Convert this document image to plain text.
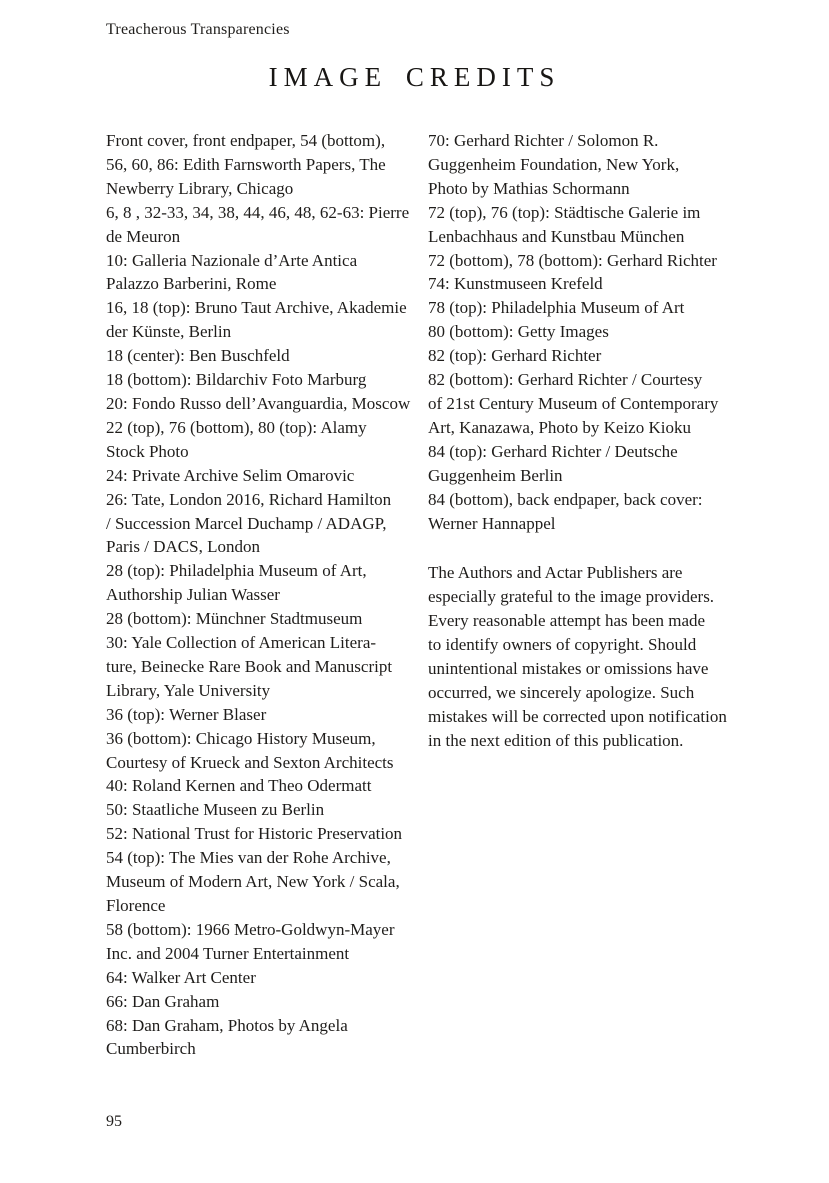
Treacherous Transparencies
IMAGE CREDITS
Front cover, front endpaper, 54 (bottom),
56, 60, 86: Edith Farnsworth Papers, The
Newberry Library, Chicago
6, 8 , 32-33, 34, 38, 44, 46, 48, 62-63: Pierre
de Meuron
10: Galleria Nazionale d’Arte Antica
Palazzo Barberini, Rome
16, 18 (top): Bruno Taut Archive, Akademie
der Künste, Berlin
18 (center): Ben Buschfeld
18 (bottom): Bildarchiv Foto Marburg
20: Fondo Russo dell’Avanguardia, Moscow
22 (top), 76 (bottom), 80 (top): Alamy
Stock Photo
24: Private Archive Selim Omarovic
26: Tate, London 2016, Richard Hamilton
/ Succession Marcel Duchamp / ADAGP,
Paris / DACS, London
28 (top): Philadelphia Museum of Art,
Authorship Julian Wasser
28 (bottom): Münchner Stadtmuseum
30: Yale Collection of American Litera-
ture, Beinecke Rare Book and Manuscript
Library, Yale University
36 (top): Werner Blaser
36 (bottom): Chicago History Museum,
Courtesy of Krueck and Sexton Architects
40: Roland Kernen and Theo Odermatt
50: Staatliche Museen zu Berlin
52: National Trust for Historic Preservation
54 (top): The Mies van der Rohe Archive,
Museum of Modern Art, New York / Scala,
Florence
58 (bottom): 1966 Metro-Goldwyn-Mayer
Inc. and 2004 Turner Entertainment
64: Walker Art Center
66: Dan Graham
68: Dan Graham, Photos by Angela
Cumberbirch
70: Gerhard Richter / Solomon R.
Guggenheim Foundation, New York,
Photo by Mathias Schormann
72 (top), 76 (top): Städtische Galerie im
Lenbachhaus and Kunstbau München
72 (bottom), 78 (bottom): Gerhard Richter
74: Kunstmuseen Krefeld
78 (top): Philadelphia Museum of Art
80 (bottom): Getty Images
82 (top): Gerhard Richter
82 (bottom): Gerhard Richter / Courtesy
of 21st Century Museum of Contemporary
Art, Kanazawa, Photo by Keizo Kioku
84 (top): Gerhard Richter / Deutsche
Guggenheim Berlin
84 (bottom), back endpaper, back cover:
Werner Hannappel
The Authors and Actar Publishers are
especially grateful to the image providers.
Every reasonable attempt has been made
to identify owners of copyright. Should
unintentional mistakes or omissions have
occurred, we sincerely apologize. Such
mistakes will be corrected upon notification
in the next edition of this publication.
95
